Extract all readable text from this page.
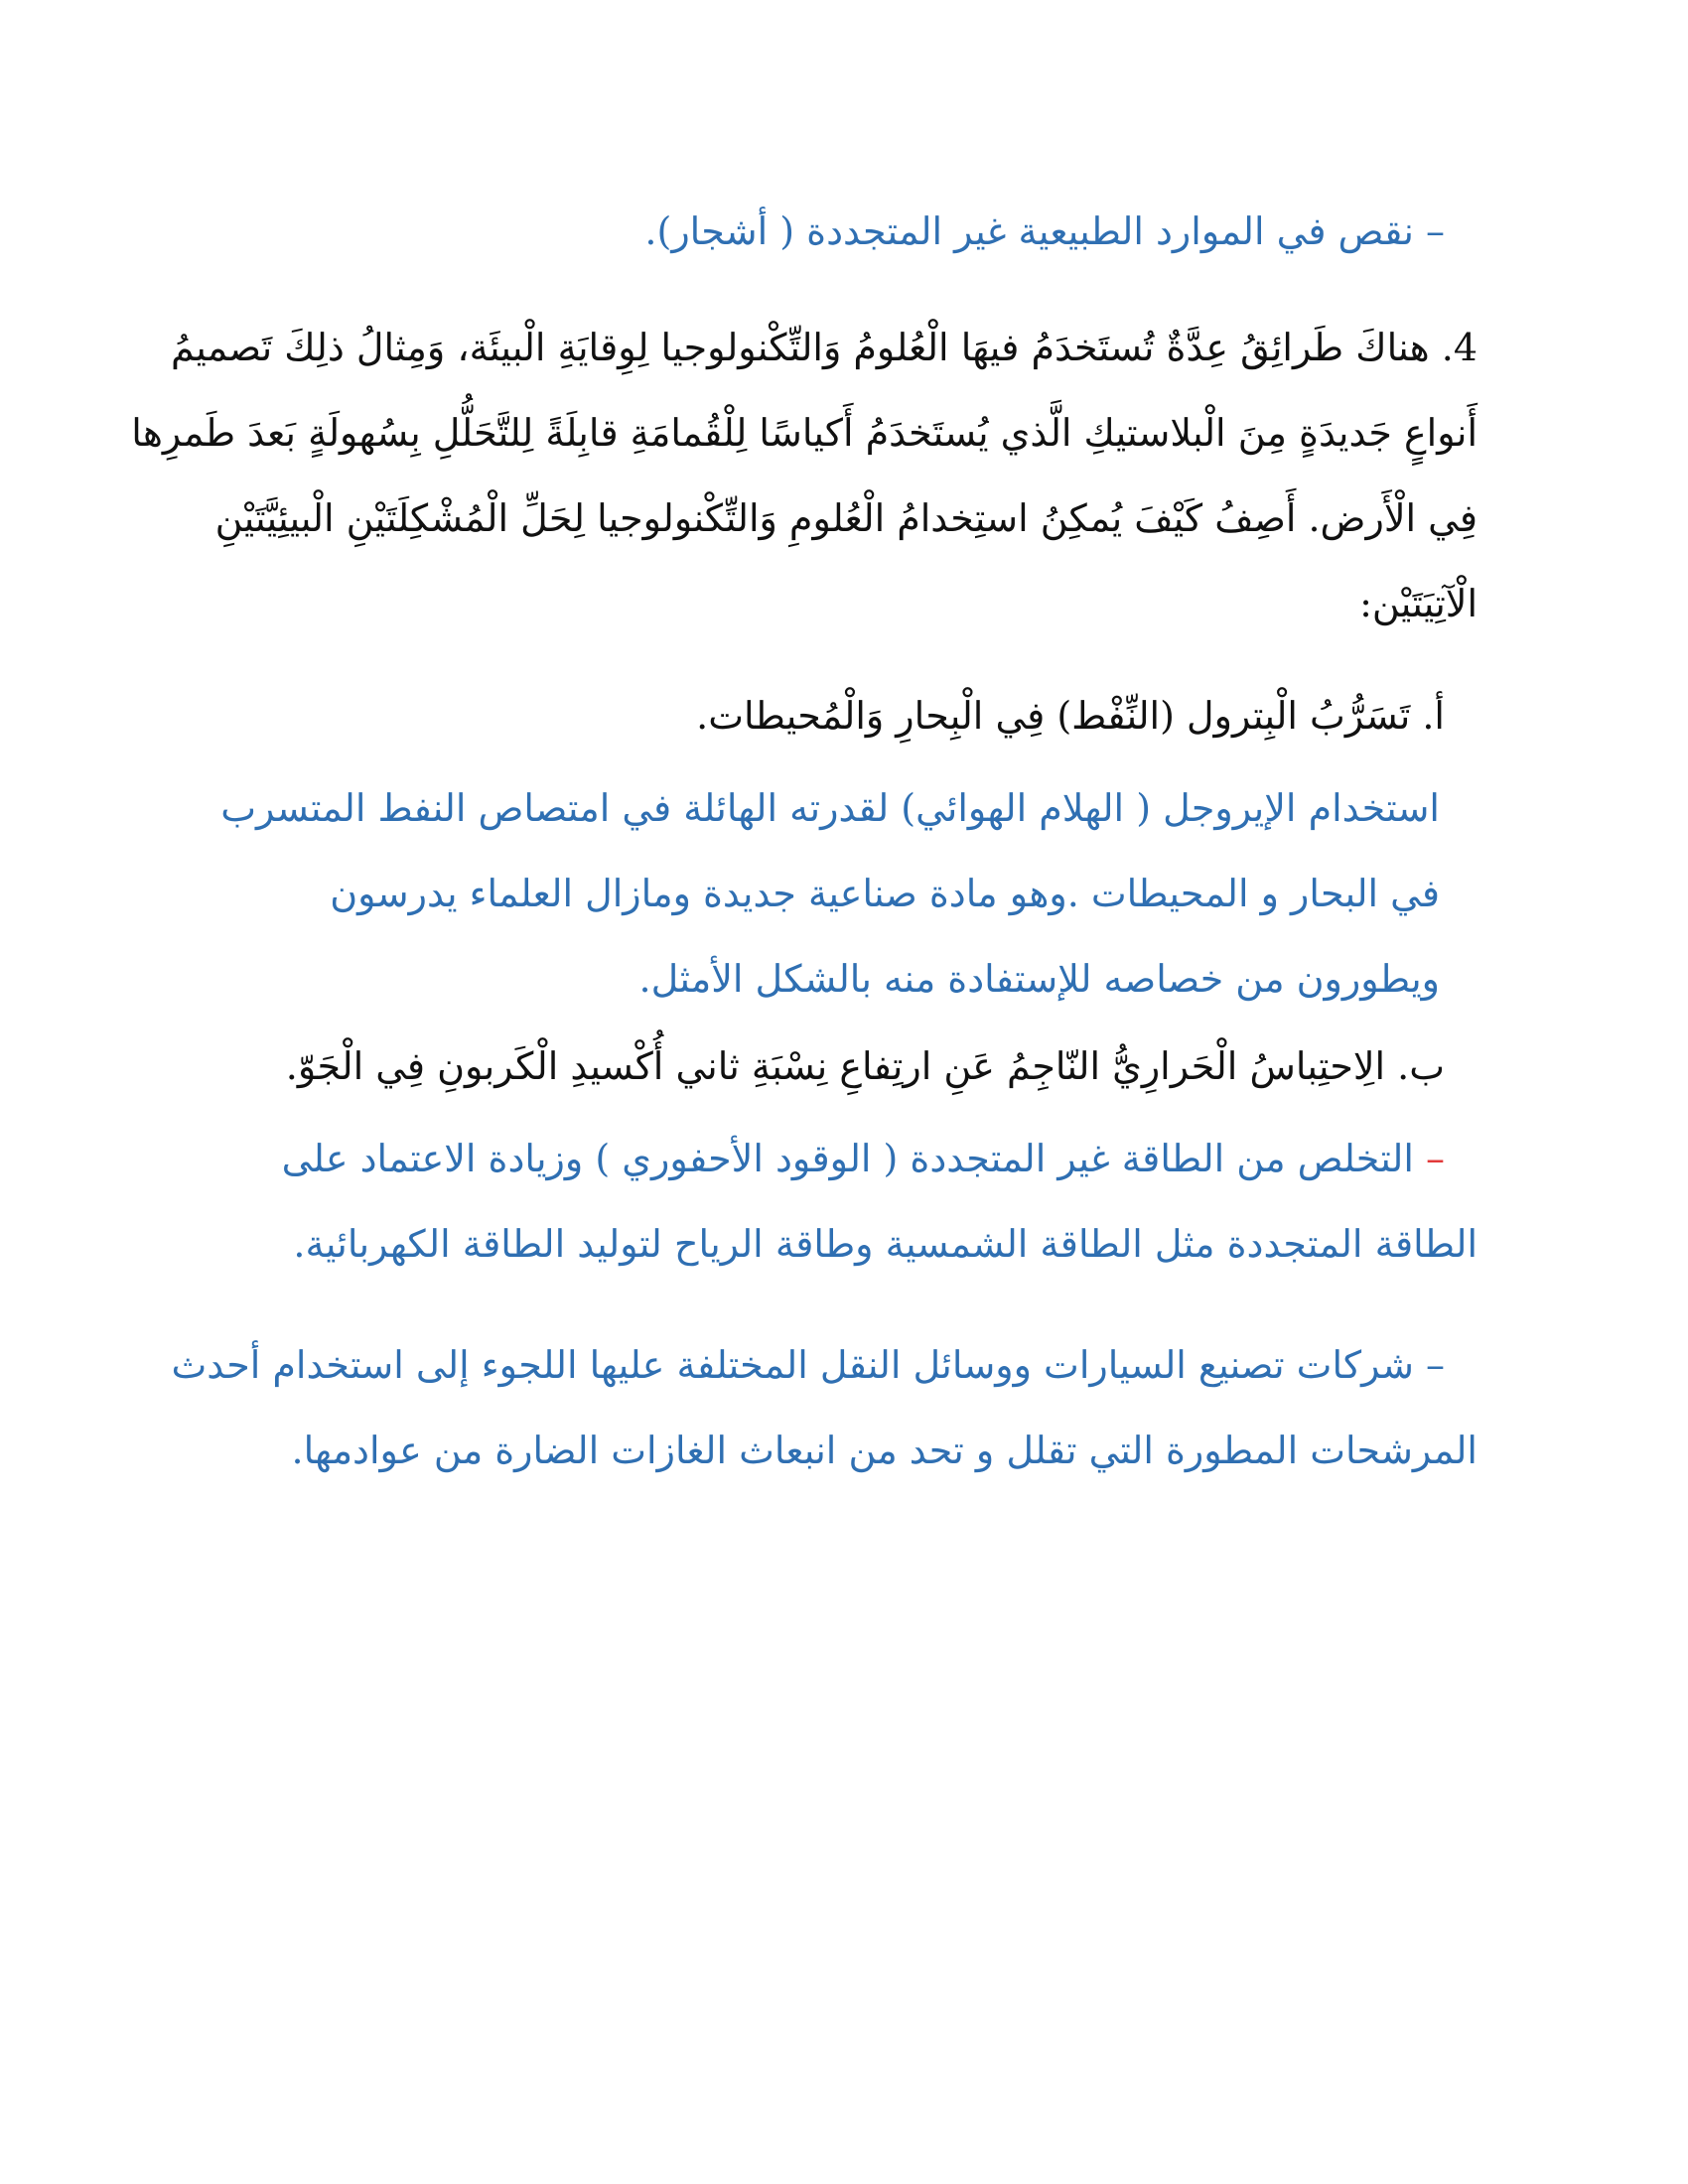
– نقص في الموارد الطبيعية غير المتجددة ( أشجار).
4. هناكَ طَرائِقُ عِدَّةٌ تُستَخدَمُ فيهَا الْعُلومُ وَالتِّكْنولوجيا لِوِقايَةِ الْبيئَة، وَمِثالُ ذلِكَ تَصميمُ
أَنواعٍ جَديدَةٍ مِنَ الْبلاستيكِ الَّذي يُستَخدَمُ أَكياسًا لِلْقُمامَةِ قابِلَةً لِلتَّحَلُّلِ بِسُهولَةٍ بَعدَ طَمرِها
فِي الْأَرض. أَصِفُ كَيْفَ يُمكِنُ استِخدامُ الْعُلومِ وَالتِّكْنولوجيا لِحَلِّ الْمُشْكِلَتَيْنِ الْبيئِيَّتَيْنِ
الْآتِيَتَيْن:
أ. تَسَرُّبُ الْبِترول (النِّفْط) فِي الْبِحارِ وَالْمُحيطات.
استخدام الإيروجل ( الهلام الهوائي) لقدرته الهائلة في امتصاص النفط المتسرب
في البحار و المحيطات .وهو مادة صناعية جديدة ومازال العلماء يدرسون
ويطورون من خصاصه للإستفادة منه بالشكل الأمثل.
ب. الِاحتِباسُ الْحَرارِيُّ النّاجِمُ عَنِ ارتِفاعِ نِسْبَةِ ثاني أُكْسيدِ الْكَربونِ فِي الْجَوّ.
– التخلص من الطاقة غير المتجددة ( الوقود الأحفوري ) وزيادة الاعتماد على
الطاقة المتجددة مثل الطاقة الشمسية وطاقة الرياح لتوليد الطاقة الكهربائية.
– شركات تصنيع السيارات ووسائل النقل المختلفة عليها اللجوء إلى استخدام أحدث
المرشحات المطورة التي تقلل و تحد من انبعاث الغازات الضارة من عوادمها.
